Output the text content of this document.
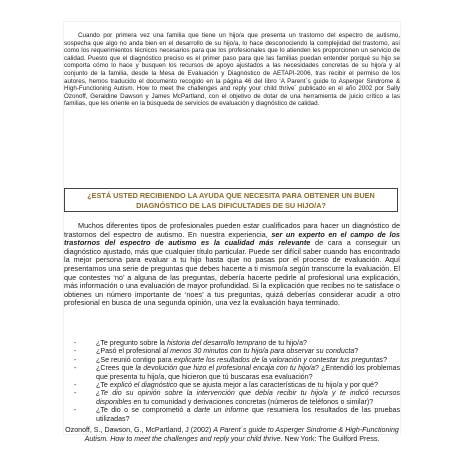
Cuando por primera vez una familia que tiene un hijo/a que presenta un trastorno del espectro de autismo, sospecha que algo no anda bien en el desarrollo de su hijo/a, lo hace desconociendo la complejidad del trastorno, así como los requerimientos técnicos necesarios para que los profesionales que lo atienden les proporcionen un servicio de calidad. Puesto que el diagnóstico preciso es el primer paso para que las familias puedan entender porqué su hijo se comporta cómo lo hace y busquen los recursos de apoyo ajustados a las necesidades concretas de su hijo/a y al conjunto de la familia, desde la Mesa de Evaluación y Diagnóstico de AETAPI-2006, tras recibir el permiso de los autores, hemos traducido el documento recogido en la página 46 del libro ‘A Parent´s guide to Asperger Sindrome & High-Functioning Autism. How to meet the challenges and reply your child thrive´ publicado en el año 2002 por Sally Ozonoff, Geraldine Dawson y James McPartland, con el objetivo de dotar de una herramienta de juicio crítico a las familias, que les oriente en la búsqueda de servicios de evaluación y diagnóstico de calidad.

¿ESTÁ USTED RECIBIENDO LA AYUDA QUE NECESITA PARA OBTENER UN BUEN DIAGNÓSTICO DE LAS DIFICULTADES DE SU HIJO/A?

Muchos diferentes tipos de profesionales pueden estar cualificados para hacer un diagnóstico de trastornos del espectro de autismo. En nuestra experiencia, ser un experto en el campo de los trastornos del espectro de autismo es la cualidad más relevante de cara a conseguir un diagnóstico ajustado, más que cualquier título particular. Puede ser difícil saber cuando has encontrado la mejor persona para evaluar a tu hijo hasta que no pasas por el proceso de evaluación. Aquí presentamos una serie de preguntas que debes hacerte a ti mismo/a según transcurre la evaluación. El que contestes ‘no’ a alguna de las preguntas, debería hacerte pedirle al profesional una explicación, más información o una evaluación de mayor profundidad. Si la explicación que recibes no te satisface o obtienes un número importante de ‘noes’ a tus preguntas, quizá deberías considerar acudir a otro profesional en busca de una segunda opinión, una vez la evaluación haya terminado.

-	¿Te pregunto sobre la historia del desarrollo temprano de tu hijo/a?
-	¿Pasó el profesional al menos 30 minutos con tu hijo/a para observar su conducta?
-	¿Se reunió contigo para explicarte los resultados de la valoración y contestar tus preguntas?
-	¿Crees que la devolución que hizo el profesional encaja con tu hijo/a? ¿Entendió los problemas que presenta tu hijo/a, que hicieron que tú buscaras esa evaluación?
-	¿Te explicó el diagnóstico que se ajusta mejor a las características de tu hijo/a y por qué?
-	¿Te dio su opinión sobre la intervención que debía recibir tu hijo/a y te indicó recursos disponibles en tu comunidad y derivaciones concretas (números de teléfonos o similar)?
-	¿Te dio o se comprometió a darte un informe que resumiera los resultados de las pruebas utilizadas?

Ozonoff, S., Dawson, G., McPartland, J (2002) A Parent´s guide to Asperger Sindrome & High-Functioning Autism. How to meet the challenges and reply your child thrive. New York: The Guilford Press.
